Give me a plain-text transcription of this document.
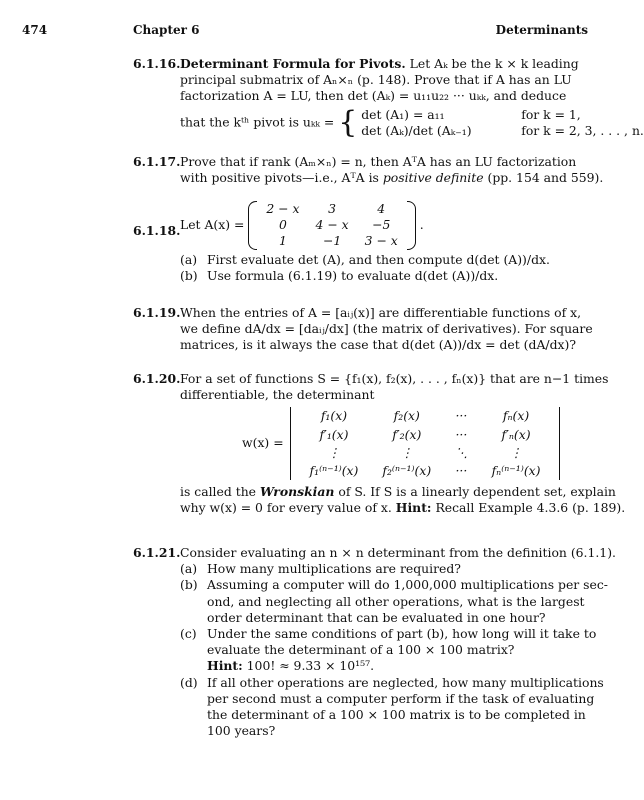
474	Chapter 6	Determinants
6.1.16. Determinant Formula for Pivots. Let Aₖ be the k × k leading
principal submatrix of Aₙ×ₙ (p. 148). Prove that if A has an LU
factorization A = LU, then det (Aₖ) = u₁₁u₂₂ ··· uₖₖ, and deduce
that the kᵗʰ pivot is uₖₖ = { det (A₁) = a₁₁	for k = 1,
det (Aₖ)/det (Aₖ₋₁)	for k = 2, 3, . . . , n.
6.1.17. Prove that if rank (Aₘ×ₙ) = n, then AᵀA has an LU factorization
with positive pivots—i.e., AᵀA is positive definite (pp. 154 and 559).
6.1.18. Let A(x) =
2 − x	3	4
0	4 − x	−5
1	−1	3 − x
.
(a) First evaluate det (A), and then compute d(det (A))/dx.
(b) Use formula (6.1.19) to evaluate d(det (A))/dx.
6.1.19. When the entries of A = [aᵢⱼ(x)] are differentiable functions of x,
we define dA/dx = [daᵢⱼ/dx] (the matrix of derivatives). For square
matrices, is it always the case that d(det (A))/dx = det (dA/dx)?
6.1.20. For a set of functions S = {f₁(x), f₂(x), . . . , fₙ(x)} that are n−1 times
differentiable, the determinant
w(x) =
f₁(x)	f₂(x)	···	fₙ(x)
f′₁(x)	f′₂(x)	···	f′ₙ(x)
⋮	⋮	⋱	⋮
f₁⁽ⁿ⁻¹⁾(x)	f₂⁽ⁿ⁻¹⁾(x)	···	fₙ⁽ⁿ⁻¹⁾(x)
is called the Wronskian of S. If S is a linearly dependent set, explain
why w(x) = 0 for every value of x. Hint: Recall Example 4.3.6 (p. 189).
6.1.21. Consider evaluating an n × n determinant from the definition (6.1.1).
(a) How many multiplications are required?
(b) Assuming a computer will do 1,000,000 multiplications per sec-
ond, and neglecting all other operations, what is the largest
order determinant that can be evaluated in one hour?
(c) Under the same conditions of part (b), how long will it take to
evaluate the determinant of a 100 × 100 matrix?
Hint: 100! ≈ 9.33 × 10¹⁵⁷.
(d) If all other operations are neglected, how many multiplications
per second must a computer perform if the task of evaluating
the determinant of a 100 × 100 matrix is to be completed in
100 years?
